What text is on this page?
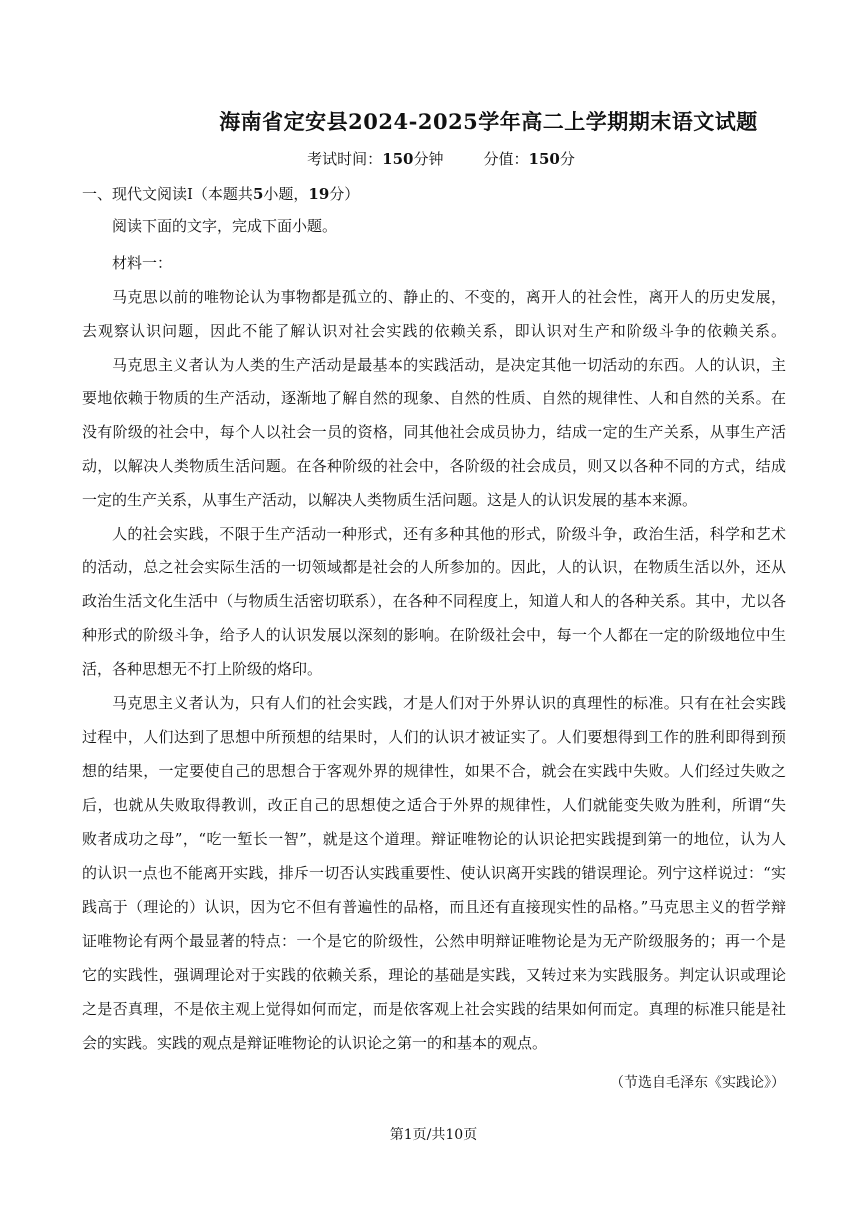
海南省定安县2024-2025学年高二上学期期末语文试题
考试时间：150分钟	分值：150分
一、现代文阅读Ⅰ（本题共5小题，19分）
阅读下面的文字，完成下面小题。
材料一：
马克思以前的唯物论认为事物都是孤立的、静止的、不变的，离开人的社会性，离开人的历史发展，
去观察认识问题，因此不能了解认识对社会实践的依赖关系，即认识对生产和阶级斗争的依赖关系。
马克思主义者认为人类的生产活动是最基本的实践活动，是决定其他一切活动的东西。人的认识，主
要地依赖于物质的生产活动，逐渐地了解自然的现象、自然的性质、自然的规律性、人和自然的关系。在
没有阶级的社会中，每个人以社会一员的资格，同其他社会成员协力，结成一定的生产关系，从事生产活
动，以解决人类物质生活问题。在各种阶级的社会中，各阶级的社会成员，则又以各种不同的方式，结成
一定的生产关系，从事生产活动，以解决人类物质生活问题。这是人的认识发展的基本来源。
人的社会实践，不限于生产活动一种形式，还有多种其他的形式，阶级斗争，政治生活，科学和艺术
的活动，总之社会实际生活的一切领域都是社会的人所参加的。因此，人的认识，在物质生活以外，还从
政治生活文化生活中（与物质生活密切联系），在各种不同程度上，知道人和人的各种关系。其中，尤以各
种形式的阶级斗争，给予人的认识发展以深刻的影响。在阶级社会中，每一个人都在一定的阶级地位中生
活，各种思想无不打上阶级的烙印。
马克思主义者认为，只有人们的社会实践，才是人们对于外界认识的真理性的标准。只有在社会实践
过程中，人们达到了思想中所预想的结果时，人们的认识才被证实了。人们要想得到工作的胜利即得到预
想的结果，一定要使自己的思想合于客观外界的规律性，如果不合，就会在实践中失败。人们经过失败之
后，也就从失败取得教训，改正自己的思想使之适合于外界的规律性，人们就能变失败为胜利，所谓“失
败者成功之母”，“吃一堑长一智”，就是这个道理。辩证唯物论的认识论把实践提到第一的地位，认为人
的认识一点也不能离开实践，排斥一切否认实践重要性、使认识离开实践的错误理论。列宁这样说过：“实
践高于（理论的）认识，因为它不但有普遍性的品格，而且还有直接现实性的品格。”马克思主义的哲学辩
证唯物论有两个最显著的特点：一个是它的阶级性，公然申明辩证唯物论是为无产阶级服务的；再一个是
它的实践性，强调理论对于实践的依赖关系，理论的基础是实践，又转过来为实践服务。判定认识或理论
之是否真理，不是依主观上觉得如何而定，而是依客观上社会实践的结果如何而定。真理的标准只能是社
会的实践。实践的观点是辩证唯物论的认识论之第一的和基本的观点。
（节选自毛泽东《实践论》）
第1页/共10页
